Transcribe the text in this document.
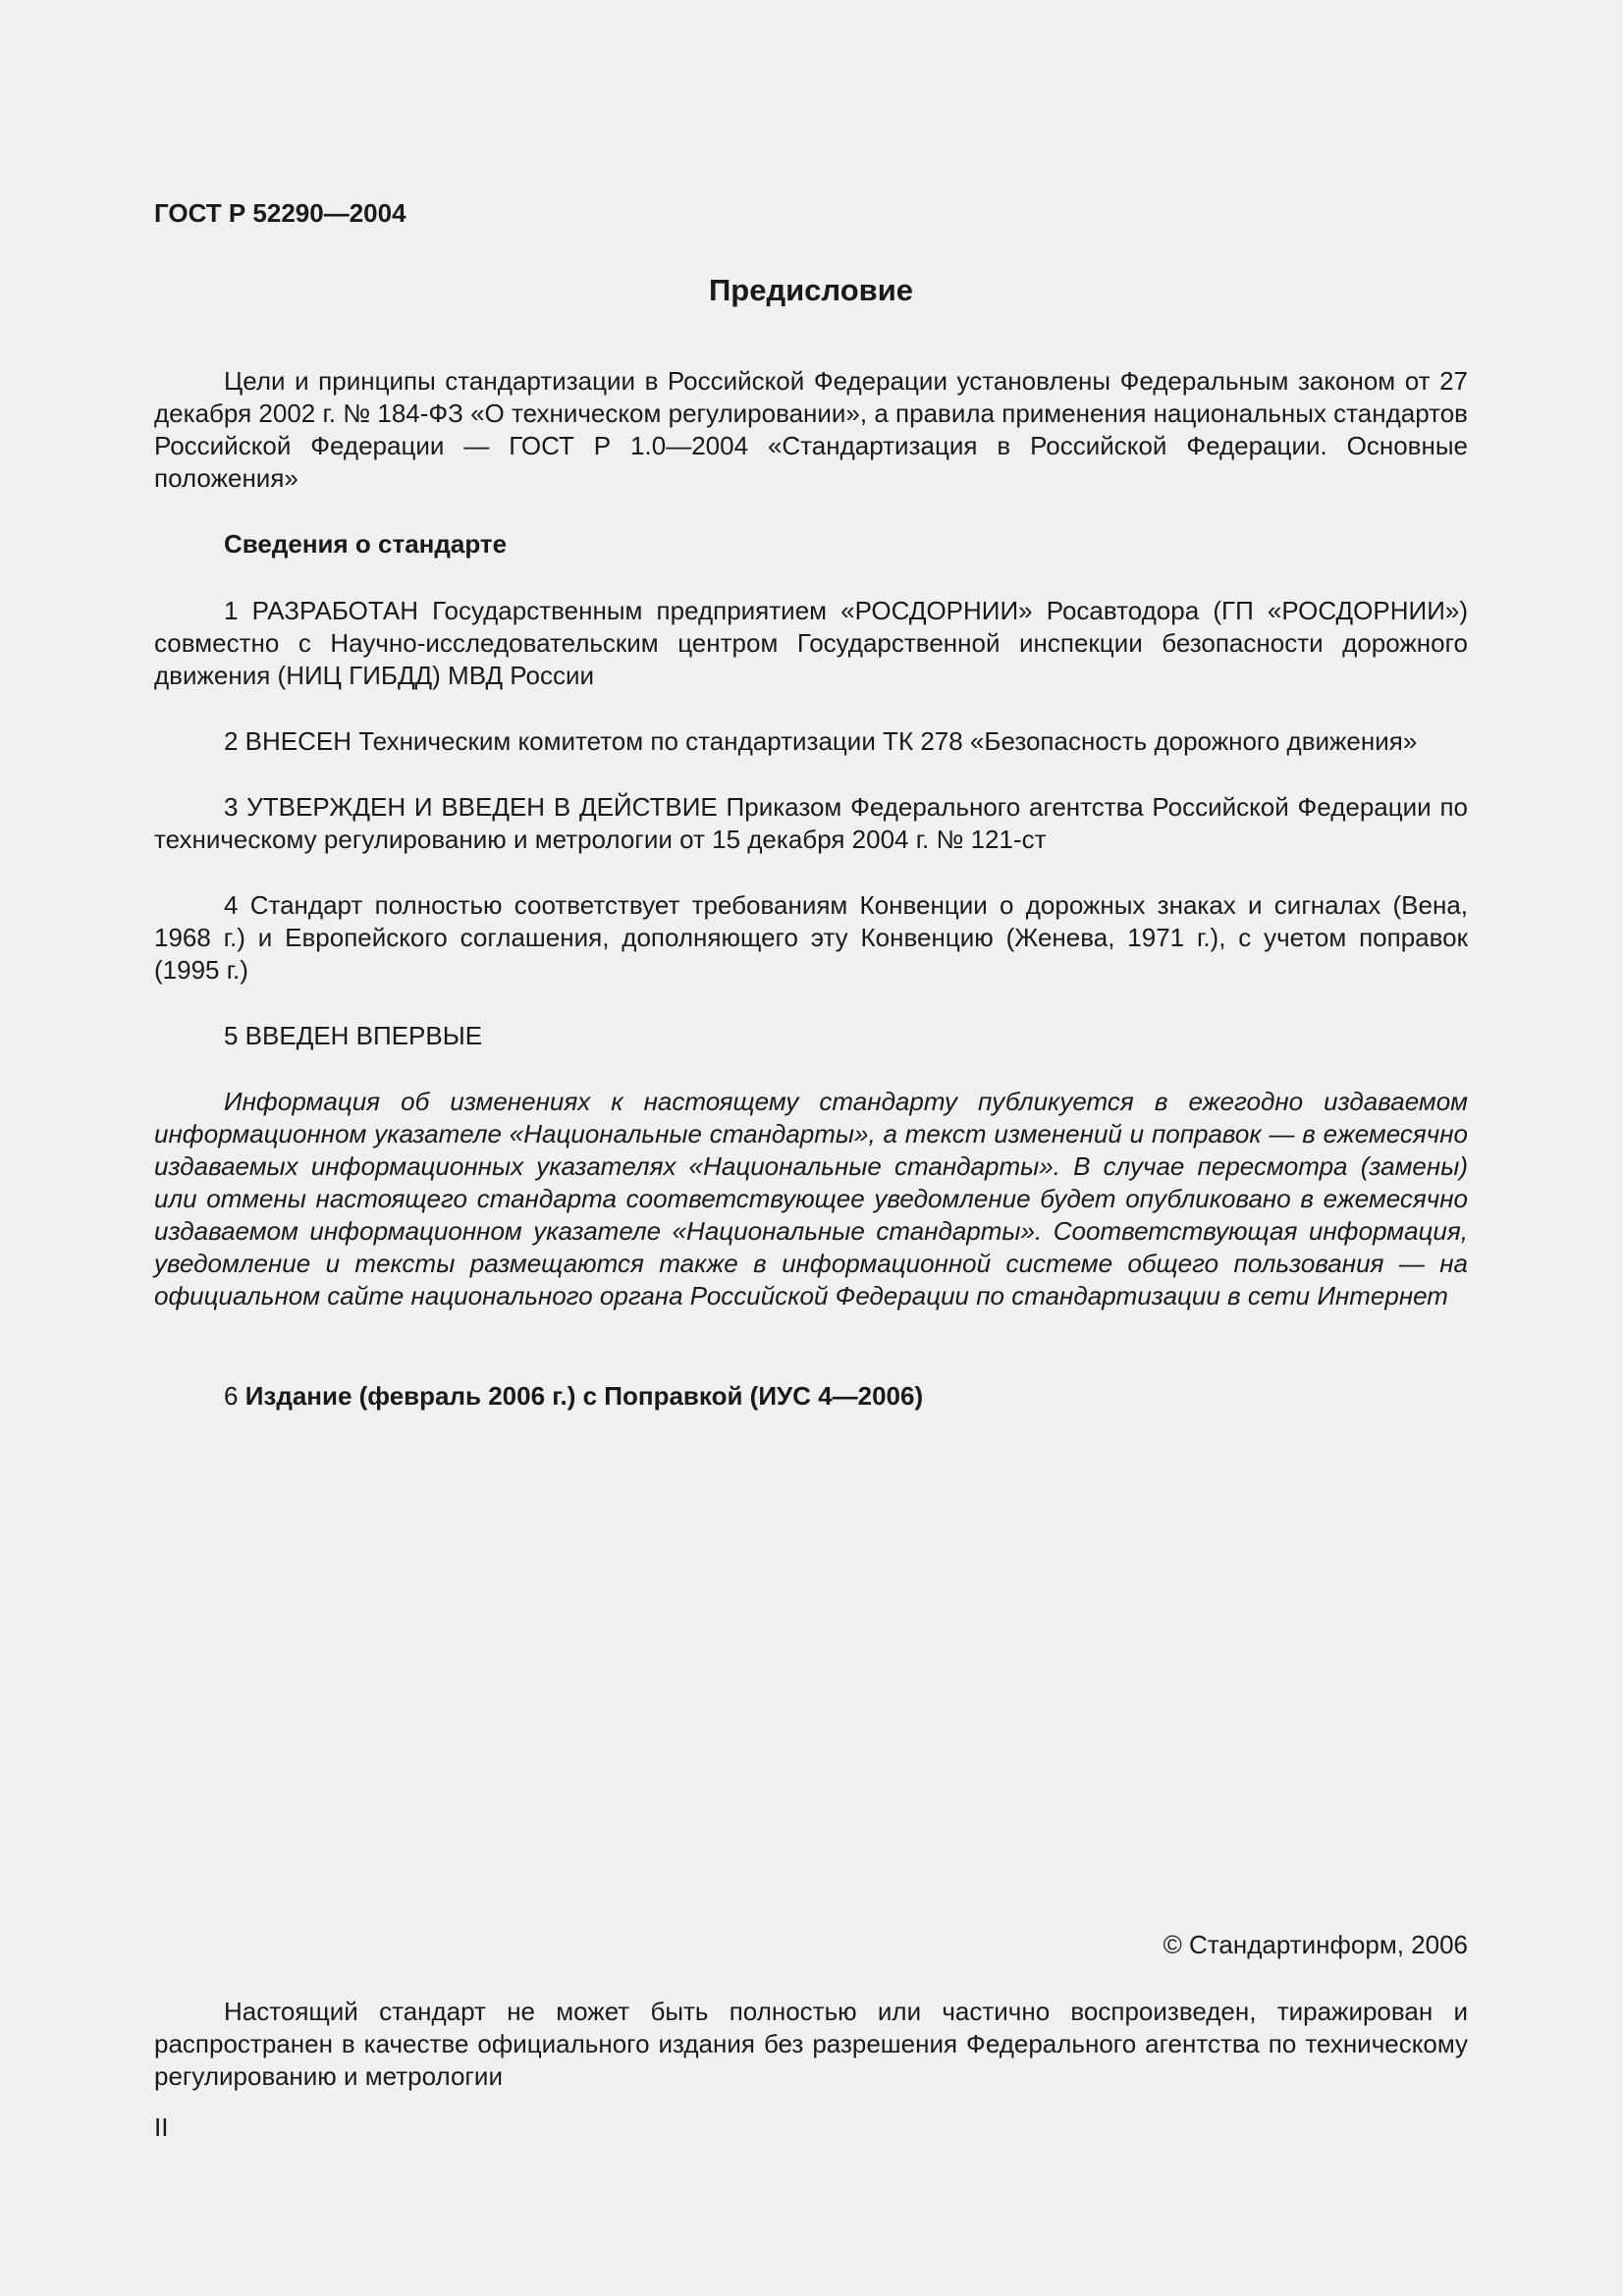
ГОСТ Р 52290—2004
Предисловие
Цели и принципы стандартизации в Российской Федерации установлены Федеральным законом от 27 декабря 2002 г. № 184-ФЗ «О техническом регулировании», а правила применения национальных стандартов Российской Федерации — ГОСТ Р 1.0—2004 «Стандартизация в Российской Федерации. Основные положения»
Сведения о стандарте
1 РАЗРАБОТАН Государственным предприятием «РОСДОРНИИ» Росавтодора (ГП «РОСДОРНИИ») совместно с Научно-исследовательским центром Государственной инспекции безопасности дорожного движения (НИЦ ГИБДД) МВД России
2 ВНЕСЕН Техническим комитетом по стандартизации ТК 278 «Безопасность дорожного движения»
3 УТВЕРЖДЕН И ВВЕДЕН В ДЕЙСТВИЕ Приказом Федерального агентства Российской Федерации по техническому регулированию и метрологии от 15 декабря 2004 г. № 121-ст
4 Стандарт полностью соответствует требованиям Конвенции о дорожных знаках и сигналах (Вена, 1968 г.) и Европейского соглашения, дополняющего эту Конвенцию (Женева, 1971 г.), с учетом поправок (1995 г.)
5 ВВЕДЕН ВПЕРВЫЕ
Информация об изменениях к настоящему стандарту публикуется в ежегодно издаваемом информационном указателе «Национальные стандарты», а текст изменений и поправок — в ежемесячно издаваемых информационных указателях «Национальные стандарты». В случае пересмотра (замены) или отмены настоящего стандарта соответствующее уведомление будет опубликовано в ежемесячно издаваемом информационном указателе «Национальные стандарты». Соответствующая информация, уведомление и тексты размещаются также в информационной системе общего пользования — на официальном сайте национального органа Российской Федерации по стандартизации в сети Интернет
6 Издание (февраль 2006 г.) с Поправкой (ИУС 4—2006)
© Стандартинформ, 2006
Настоящий стандарт не может быть полностью или частично воспроизведен, тиражирован и распространен в качестве официального издания без разрешения Федерального агентства по техническому регулированию и метрологии
II
